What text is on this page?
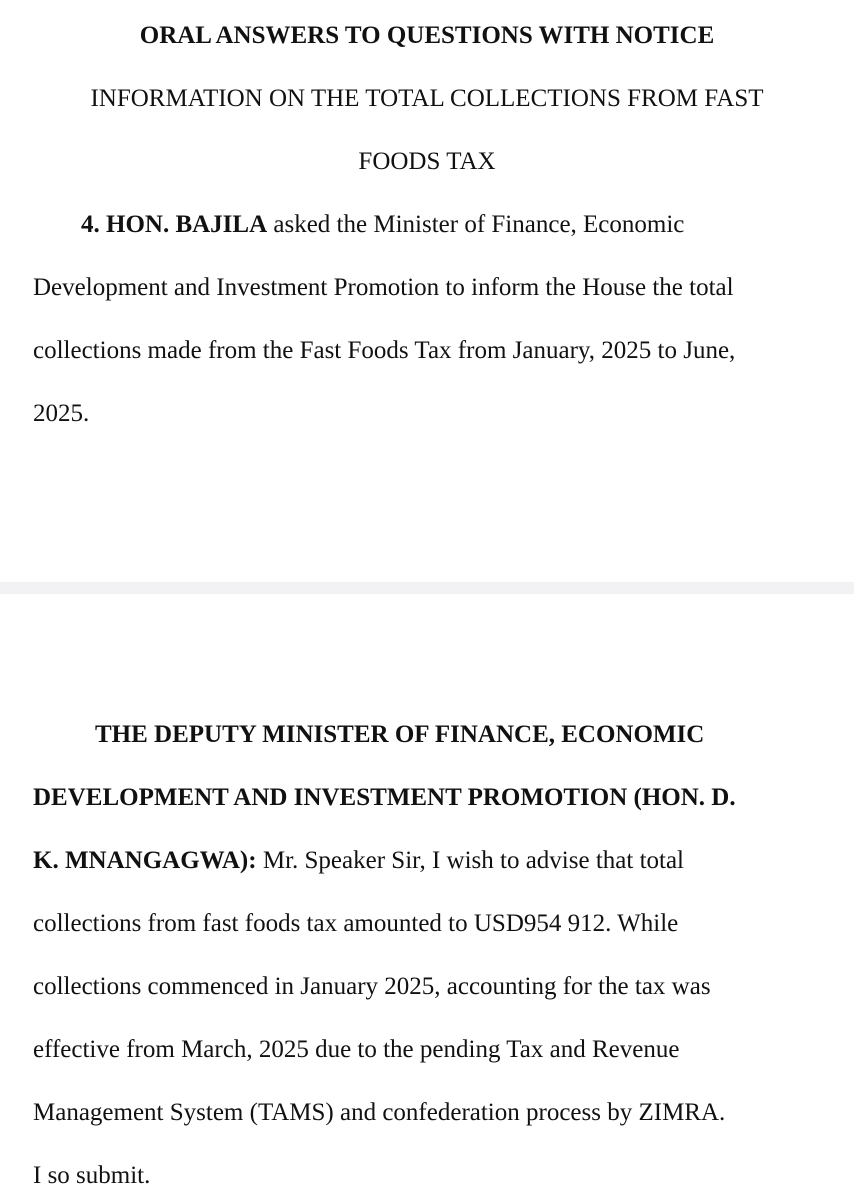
ORAL ANSWERS TO QUESTIONS WITH NOTICE
INFORMATION ON THE TOTAL COLLECTIONS FROM FAST
FOODS TAX
4. HON. BAJILA asked the Minister of Finance, Economic
Development and Investment Promotion to inform the House the total
collections made from the Fast Foods Tax from January, 2025 to June,
2025.
THE DEPUTY MINISTER OF FINANCE, ECONOMIC
DEVELOPMENT AND INVESTMENT PROMOTION (HON. D.
K. MNANGAGWA): Mr. Speaker Sir, I wish to advise that total
collections from fast foods tax amounted to USD954 912. While
collections commenced in January 2025, accounting for the tax was
effective from March, 2025 due to the pending Tax and Revenue
Management System (TAMS) and confederation process by ZIMRA.
I so submit.
